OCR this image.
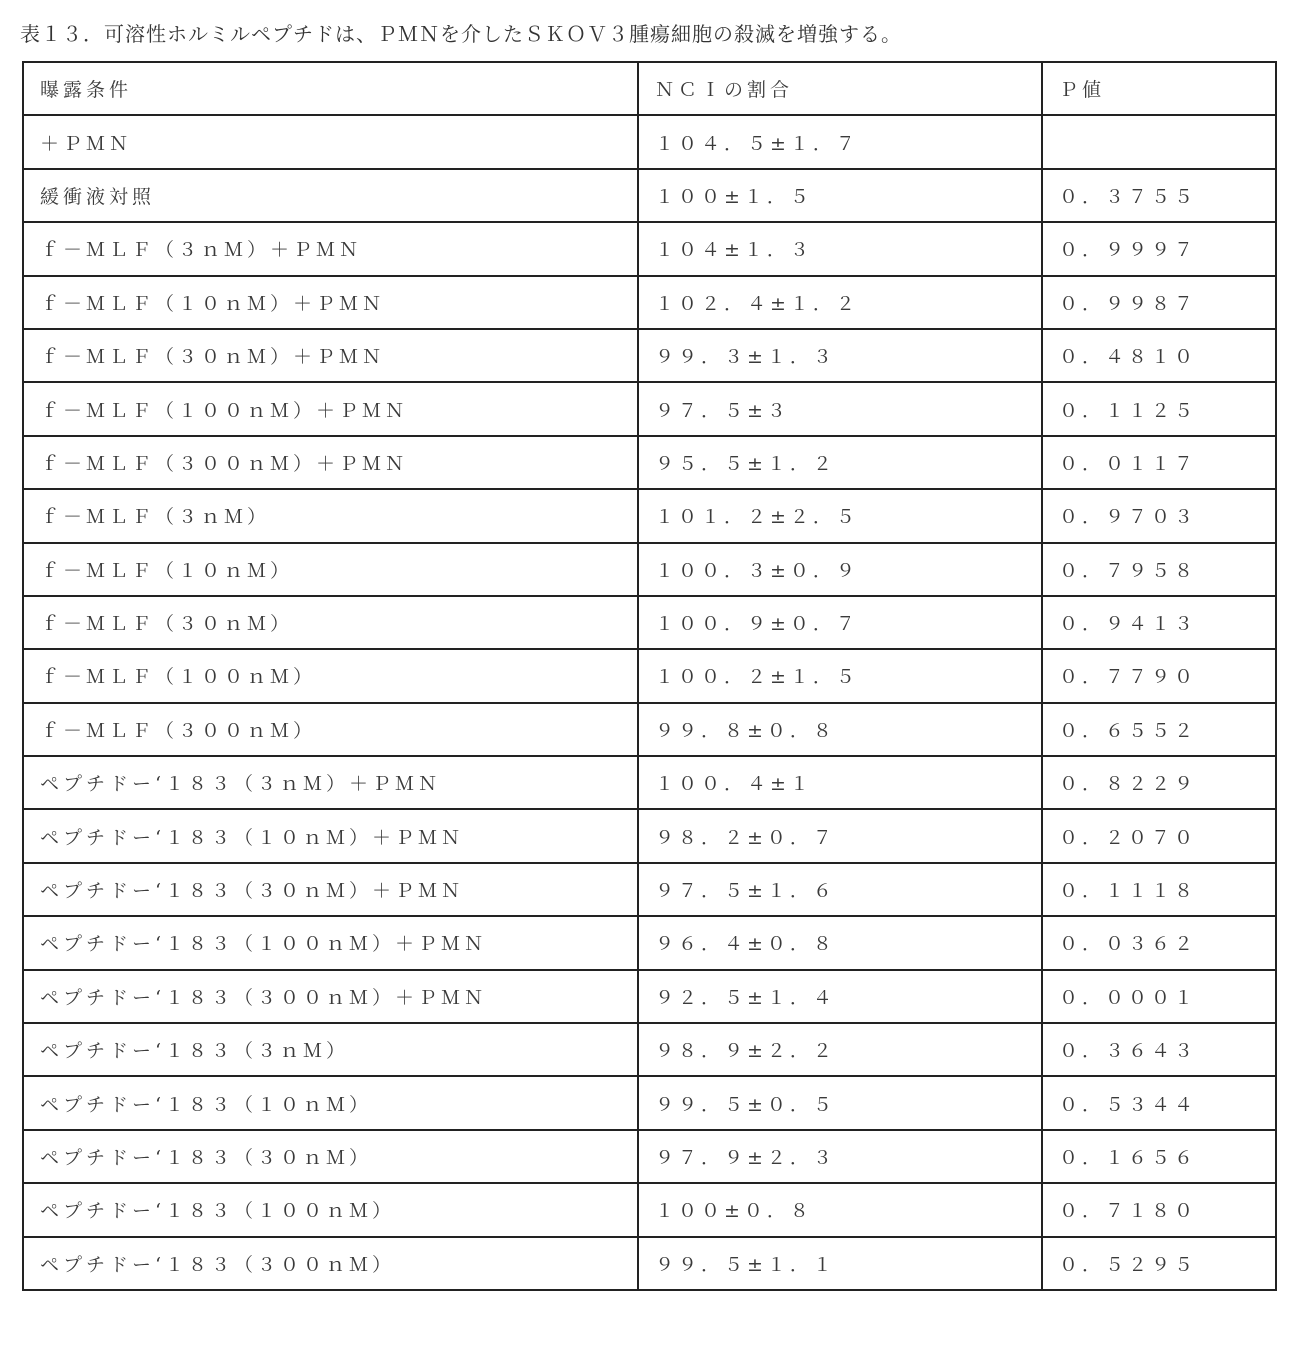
表１３．可溶性ホルミルペプチドは、ＰＭＮを介したＳＫＯＶ３腫瘍細胞の殺滅を増強する。
曝露条件	ＮＣＩの割合	Ｐ値
＋ＰＭＮ	１０４．５±１．７	
緩衝液対照	１００±１．５	０．３７５５
ｆ－ＭＬＦ（３ｎＭ）＋ＰＭＮ	１０４±１．３	０．９９９７
ｆ－ＭＬＦ（１０ｎＭ）＋ＰＭＮ	１０２．４±１．２	０．９９８７
ｆ－ＭＬＦ（３０ｎＭ）＋ＰＭＮ	９９．３±１．３	０．４８１０
ｆ－ＭＬＦ（１００ｎＭ）＋ＰＭＮ	９７．５±３	０．１１２５
ｆ－ＭＬＦ（３００ｎＭ）＋ＰＭＮ	９５．５±１．２	０．０１１７
ｆ－ＭＬＦ（３ｎＭ）	１０１．２±２．５	０．９７０３
ｆ－ＭＬＦ（１０ｎＭ）	１００．３±０．９	０．７９５８
ｆ－ＭＬＦ（３０ｎＭ）	１００．９±０．７	０．９４１３
ｆ－ＭＬＦ（１００ｎＭ）	１００．２±１．５	０．７７９０
ｆ－ＭＬＦ（３００ｎＭ）	９９．８±０．８	０．６５５２
ペプチドー‘１８３（３ｎＭ）＋ＰＭＮ	１００．４±１	０．８２２９
ペプチドー‘１８３（１０ｎＭ）＋ＰＭＮ	９８．２±０．７	０．２０７０
ペプチドー‘１８３（３０ｎＭ）＋ＰＭＮ	９７．５±１．６	０．１１１８
ペプチドー‘１８３（１００ｎＭ）＋ＰＭＮ	９６．４±０．８	０．０３６２
ペプチドー‘１８３（３００ｎＭ）＋ＰＭＮ	９２．５±１．４	０．０００１
ペプチドー‘１８３（３ｎＭ）	９８．９±２．２	０．３６４３
ペプチドー‘１８３（１０ｎＭ）	９９．５±０．５	０．５３４４
ペプチドー‘１８３（３０ｎＭ）	９７．９±２．３	０．１６５６
ペプチドー‘１８３（１００ｎＭ）	１００±０．８	０．７１８０
ペプチドー‘１８３（３００ｎＭ）	９９．５±１．１	０．５２９５
